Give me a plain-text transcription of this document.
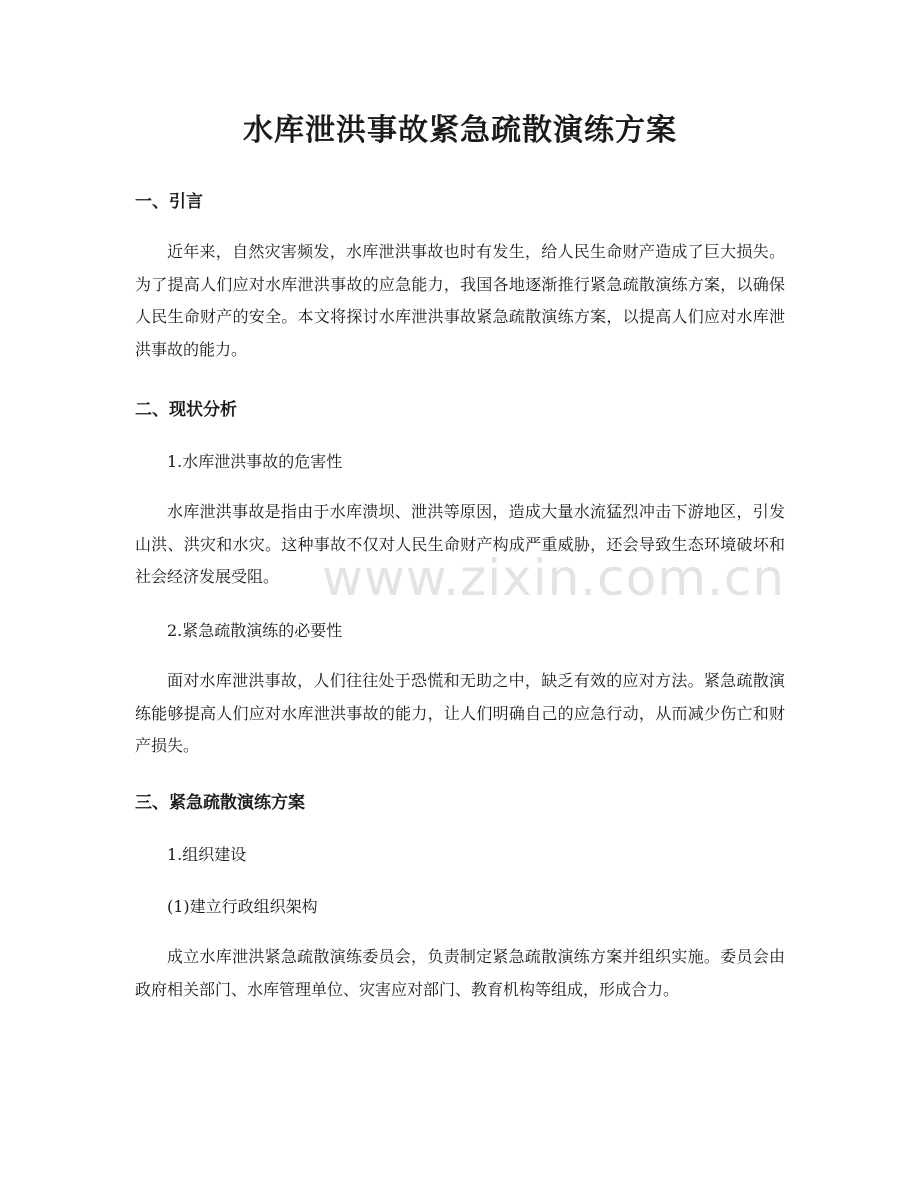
水库泄洪事故紧急疏散演练方案
一、引言

近年来，自然灾害频发，水库泄洪事故也时有发生，给人民生命财产造成了巨大损失。为了提高人们应对水库泄洪事故的应急能力，我国各地逐渐推行紧急疏散演练方案，以确保人民生命财产的安全。本文将探讨水库泄洪事故紧急疏散演练方案，以提高人们应对水库泄洪事故的能力。

二、现状分析

1.水库泄洪事故的危害性

水库泄洪事故是指由于水库溃坝、泄洪等原因，造成大量水流猛烈冲击下游地区，引发山洪、洪灾和水灾。这种事故不仅对人民生命财产构成严重威胁，还会导致生态环境破坏和社会经济发展受阻。

2.紧急疏散演练的必要性

面对水库泄洪事故，人们往往处于恐慌和无助之中，缺乏有效的应对方法。紧急疏散演练能够提高人们应对水库泄洪事故的能力，让人们明确自己的应急行动，从而减少伤亡和财产损失。

三、紧急疏散演练方案

1.组织建设

(1)建立行政组织架构

成立水库泄洪紧急疏散演练委员会，负责制定紧急疏散演练方案并组织实施。委员会由政府相关部门、水库管理单位、灾害应对部门、教育机构等组成，形成合力。

www.zixin.com.cn
